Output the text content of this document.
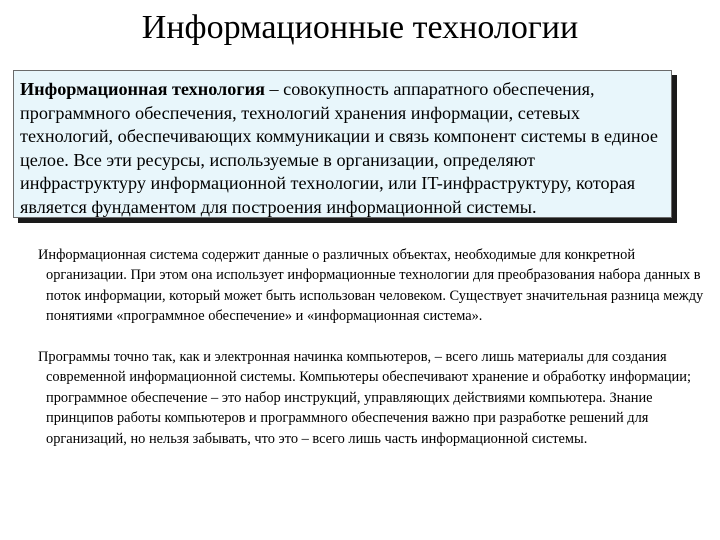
Информационные технологии
Информационная технология – совокупность аппаратного обеспечения, программного обеспечения, технологий хранения информации, сетевых технологий, обеспечивающих коммуникации и связь компонент системы в единое целое. Все эти ресурсы, используемые в организации, определяют инфраструктуру информационной технологии, или IT-инфраструктуру, которая является фундаментом для построения информационной системы.
Информационная система содержит данные о различных объектах, необходимые для конкретной организации. При этом она использует информационные технологии для преобразования набора данных в поток информации, который может быть использован человеком. Существует значительная разница между понятиями «программное обеспечение» и «информационная система».
Программы точно так, как и электронная начинка компьютеров, – всего лишь материалы для создания современной информационной системы. Компьютеры обеспечивают хранение и обработку информации; программное обеспечение – это набор инструкций, управляющих действиями компьютера. Знание принципов работы компьютеров и программного обеспечения важно при разработке решений для организаций, но нельзя забывать, что это – всего лишь часть информационной системы.
